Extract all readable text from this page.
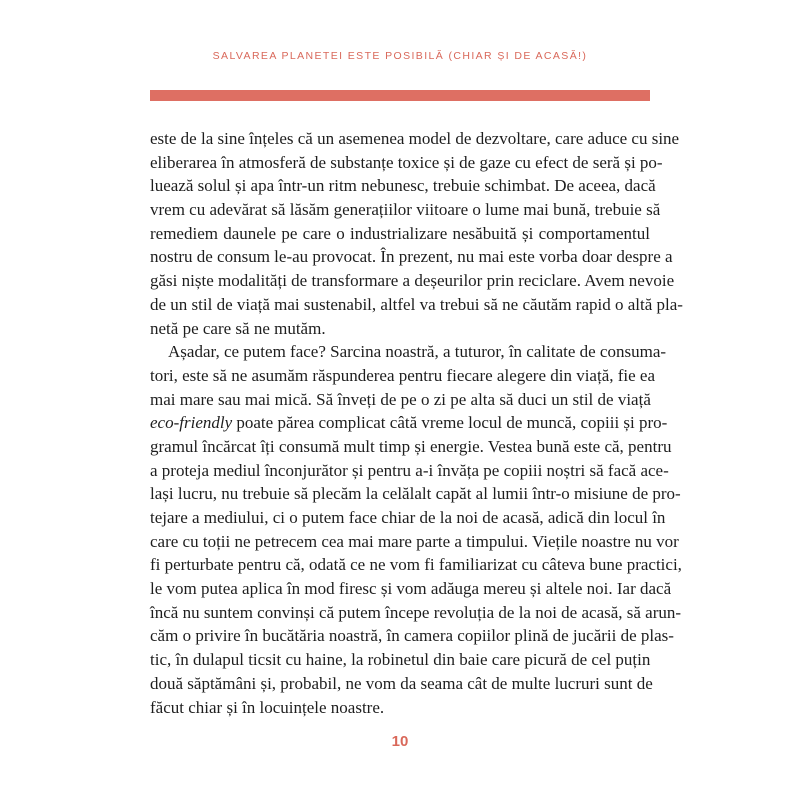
SALVAREA PLANETEI ESTE POSIBILĂ (CHIAR ȘI DE ACASĂ!)
este de la sine înțeles că un asemenea model de dezvoltare, care aduce cu sine
eliberarea în atmosferă de substanțe toxice și de gaze cu efect de seră și po-
luează solul și apa într-un ritm nebunesc, trebuie schimbat. De aceea, dacă
vrem cu adevărat să lăsăm generațiilor viitoare o lume mai bună, trebuie să
remediem daunele pe care o industrializare nesăbuită și comportamentul
nostru de consum le-au provocat. În prezent, nu mai este vorba doar despre a
găsi niște modalități de transformare a deșeurilor prin reciclare. Avem nevoie
de un stil de viață mai sustenabil, altfel va trebui să ne căutăm rapid o altă pla-
netă pe care să ne mutăm.
Așadar, ce putem face? Sarcina noastră, a tuturor, în calitate de consuma-
tori, este să ne asumăm răspunderea pentru fiecare alegere din viață, fie ea
mai mare sau mai mică. Să înveți de pe o zi pe alta să duci un stil de viață
eco-friendly poate părea complicat câtă vreme locul de muncă, copiii și pro-
gramul încărcat îți consumă mult timp și energie. Vestea bună este că, pentru
a proteja mediul înconjurător și pentru a-i învăța pe copiii noștri să facă ace-
lași lucru, nu trebuie să plecăm la celălalt capăt al lumii într-o misiune de pro-
tejare a mediului, ci o putem face chiar de la noi de acasă, adică din locul în
care cu toții ne petrecem cea mai mare parte a timpului. Viețile noastre nu vor
fi perturbate pentru că, odată ce ne vom fi familiarizat cu câteva bune practici,
le vom putea aplica în mod firesc și vom adăuga mereu și altele noi. Iar dacă
încă nu suntem convinși că putem începe revoluția de la noi de acasă, să arun-
căm o privire în bucătăria noastră, în camera copiilor plină de jucării de plas-
tic, în dulapul ticsit cu haine, la robinetul din baie care picură de cel puțin
două săptămâni și, probabil, ne vom da seama cât de multe lucruri sunt de
făcut chiar și în locuințele noastre.
10
